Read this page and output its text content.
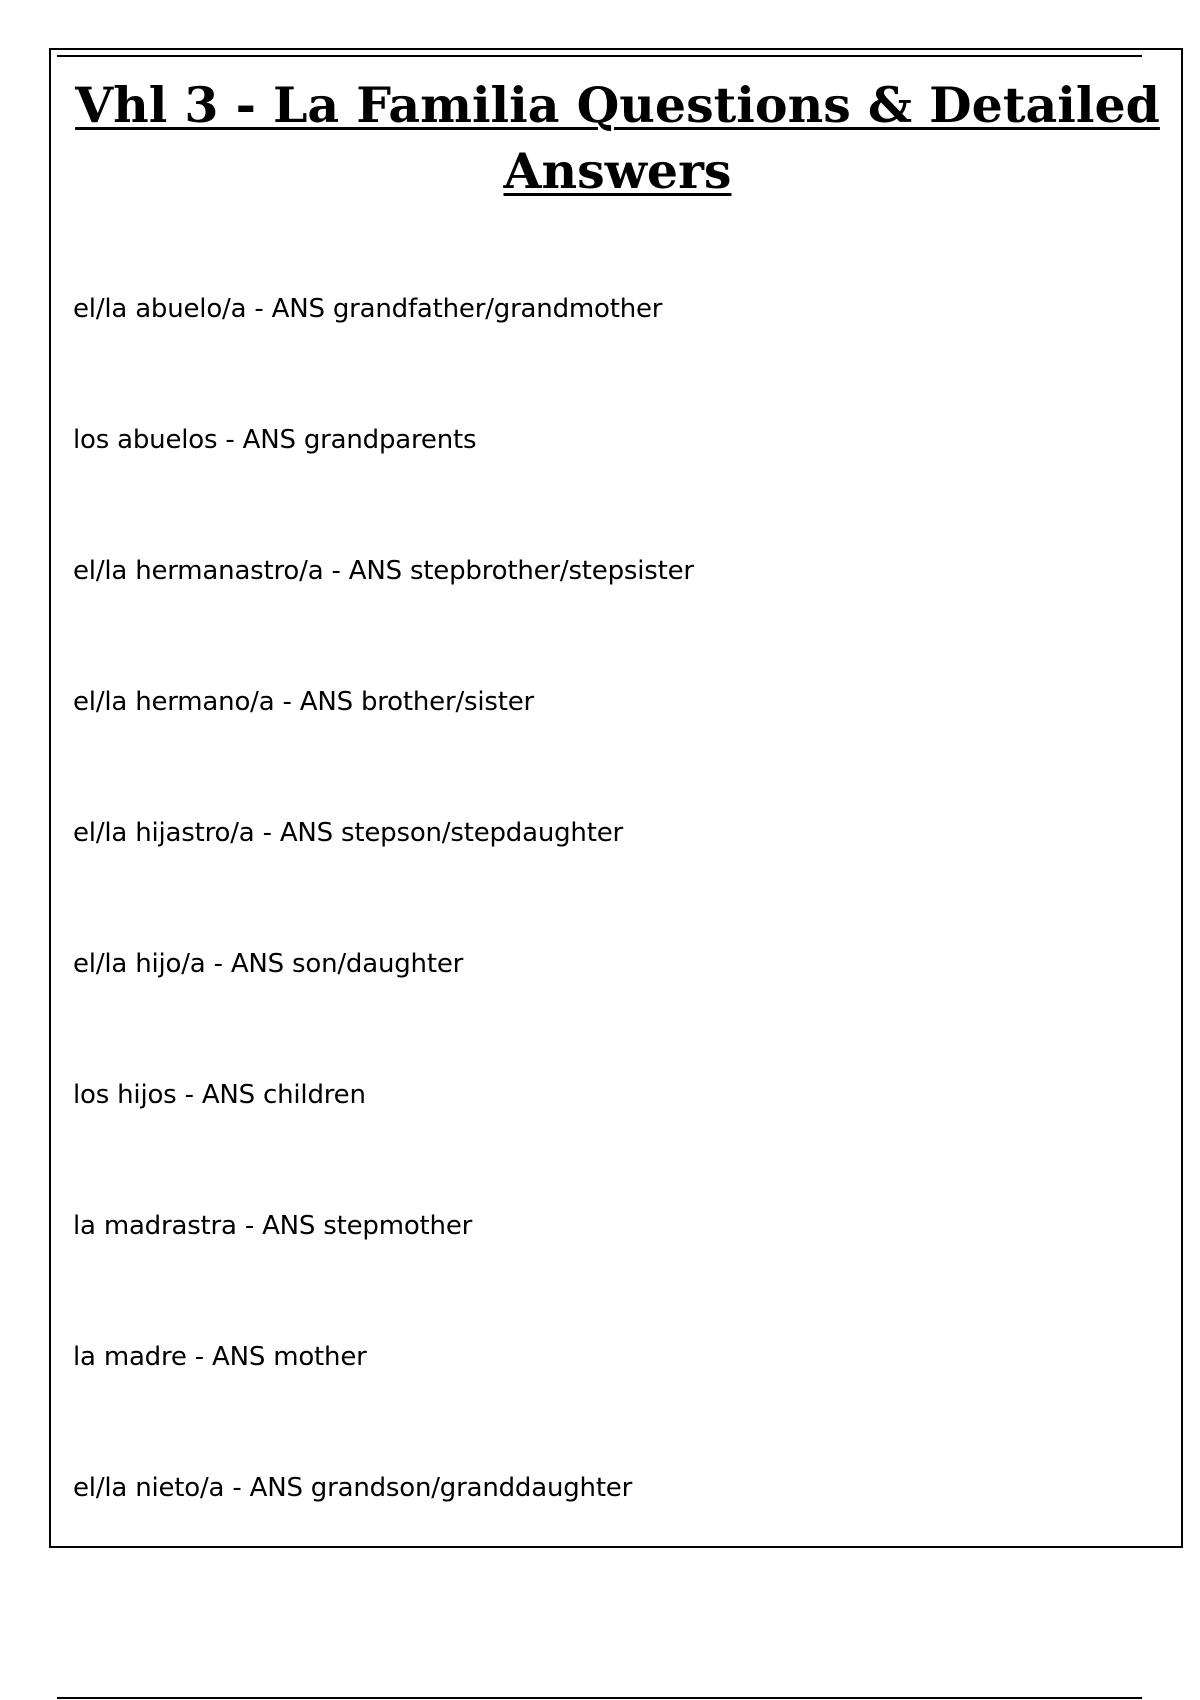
Vhl 3 - La Familia Questions & Detailed Answers
el/la abuelo/a - ANS grandfather/grandmother
los abuelos - ANS grandparents
el/la hermanastro/a - ANS stepbrother/stepsister
el/la hermano/a - ANS brother/sister
el/la hijastro/a - ANS stepson/stepdaughter
el/la hijo/a - ANS son/daughter
los hijos - ANS children
la madrastra - ANS stepmother
la madre - ANS mother
el/la nieto/a - ANS grandson/granddaughter
